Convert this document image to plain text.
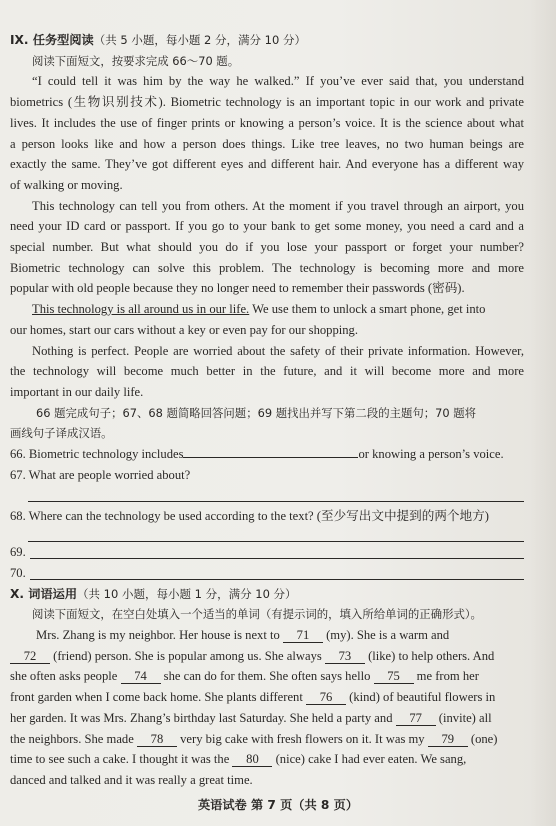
IX. 任务型阅读（共 5 小题，每小题 2 分，满分 10 分）
阅读下面短文，按要求完成 66～70 题。
“I could tell it was him by the way he walked.” If you’ve ever said that, you understand
biometrics (生物识别技术). Biometric technology is an important topic in our work and private
lives. It includes the use of finger prints or knowing a person’s voice. It is the science about what
a person looks like and how a person does things. Like tree leaves, no two human beings are
exactly the same. They’ve got different eyes and different hair. And everyone has a different way
of walking or moving.
This technology can tell you from others. At the moment if you travel through an airport, you
need your ID card or passport. If you go to your bank to get some money, you need a card and a
special number. But what should you do if you lose your passport or forget your number?
Biometric technology can solve this problem. The technology is becoming more and more
popular with old people because they no longer need to remember their passwords (密码).
This technology is all around us in our life. We use them to unlock a smart phone, get into
our homes, start our cars without a key or even pay for our shopping.
Nothing is perfect. People are worried about the safety of their private information. However,
the technology will become much better in the future, and it will become more and more
important in our daily life.
66 题完成句子；67、68 题简略回答问题；69 题找出并写下第二段的主题句；70 题将
画线句子译成汉语。
66. Biometric technology includes	or knowing a person’s voice.
67. What are people worried about?
68. Where can the technology be used according to the text? (至少写出文中提到的两个地方)
69.
70.
X. 词语运用（共 10 小题，每小题 1 分，满分 10 分）
阅读下面短文，在空白处填入一个适当的单词（有提示词的，填入所给单词的正确形式）。
Mrs. Zhang is my neighbor. Her house is next to 71 (my). She is a warm and
72 (friend) person. She is popular among us. She always 73 (like) to help others. And
she often asks people 74 she can do for them. She often says hello 75 me from her
front garden when I come back home. She plants different 76 (kind) of beautiful flowers in
her garden. It was Mrs. Zhang’s birthday last Saturday. She held a party and 77 (invite) all
the neighbors. She made 78 very big cake with fresh flowers on it. It was my 79 (one)
time to see such a cake. I thought it was the 80 (nice) cake I had ever eaten. We sang,
danced and talked and it was really a great time.
英语试卷 第 7 页（共 8 页）
